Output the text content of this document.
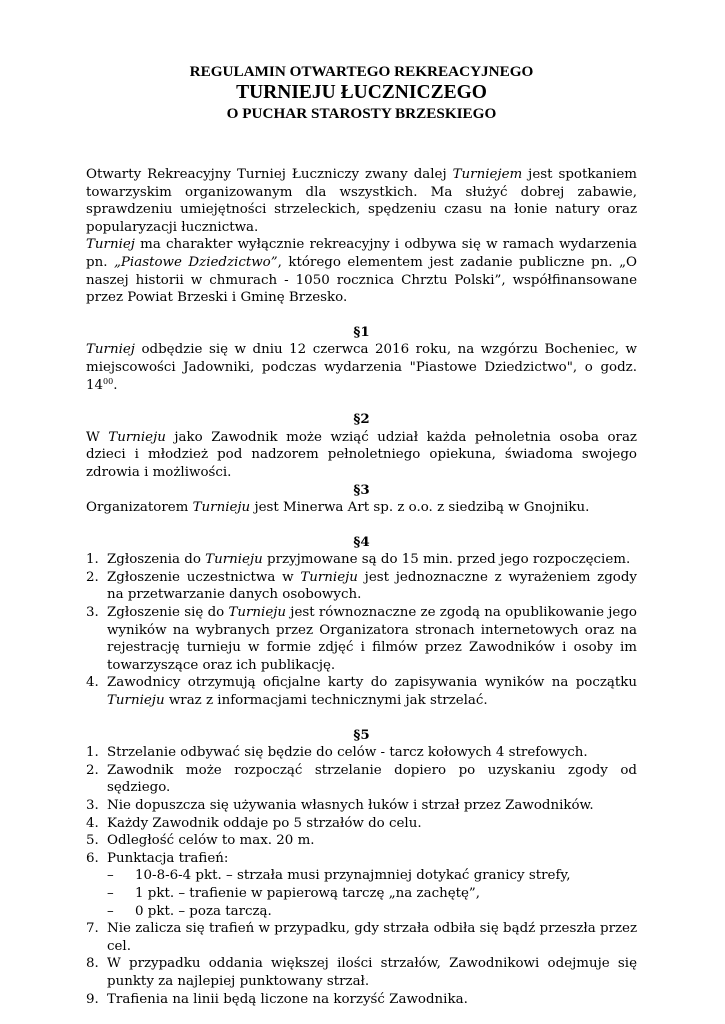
REGULAMIN OTWARTEGO REKREACYJNEGO
TURNIEJU ŁUCZNICZEGO
O PUCHAR STAROSTY BRZESKIEGO

Otwarty Rekreacyjny Turniej Łuczniczy zwany dalej Turniejem jest spotkaniem towarzyskim organizowanym dla wszystkich. Ma służyć dobrej zabawie, sprawdzeniu umiejętności strzeleckich, spędzeniu czasu na łonie natury oraz popularyzacji łucznictwa.

Turniej ma charakter wyłącznie rekreacyjny i odbywa się w ramach wydarzenia pn. „Piastowe Dziedzictwo”, którego elementem jest zadanie publiczne pn. „O naszej historii w chmurach - 1050 rocznica Chrztu Polski”, współfinansowane przez Powiat Brzeski i Gminę Brzesko.

§1

Turniej odbędzie się w dniu 12 czerwca 2016 roku, na wzgórzu Bocheniec, w miejscowości Jadowniki, podczas wydarzenia "Piastowe Dziedzictwo", o godz. $14^{00}$.

§2

W Turnieju jako Zawodnik może wziąć udział każda pełnoletnia osoba oraz dzieci i młodzież pod nadzorem pełnoletniego opiekuna, świadoma swojego zdrowia i możliwości.

§3

Organizatorem Turnieju jest Minerwa Art sp. z o.o. z siedzibą w Gnojniku.

§4
1. Zgłoszenia do Turnieju przyjmowane są do 15 min. przed jego rozpoczęciem.
2. Zgłoszenie uczestnictwa w Turnieju jest jednoznaczne z wyrażeniem zgody na przetwarzanie danych osobowych.
3. Zgłoszenie się do Turnieju jest równoznaczne ze zgodą na opublikowanie jego wyników na wybranych przez Organizatora stronach internetowych oraz na rejestrację turnieju w formie zdjęć i filmów przez Zawodników i osoby im towarzyszące oraz ich publikację.
4. Zawodnicy otrzymują oficjalne karty do zapisywania wyników na początku Turnieju wraz z informacjami technicznymi jak strzelać.
§5
1. Strzelanie odbywać się będzie do celów - tarcz kołowych 4 strefowych.
2. Zawodnik może rozpocząć strzelanie dopiero po uzyskaniu zgody od sędziego.
3. Nie dopuszcza się używania własnych łuków i strzał przez Zawodników.
4. Każdy Zawodnik oddaje po 5 strzałów do celu.
5. Odległość celów to max. 20 m.
6. Punktacja trafień:
– 10-8-6-4 pkt. – strzała musi przynajmniej dotykać granicy strefy,
– 1 pkt. – trafienie w papierową tarczę „na zachętę”,
– 0 pkt. – poza tarczą.
7. Nie zalicza się trafień w przypadku, gdy strzała odbiła się bądź przeszła przez cel.
8. W przypadku oddania większej ilości strzałów, Zawodnikowi odejmuje się punkty za najlepiej punktowany strzał.
9. Trafienia na linii będą liczone na korzyść Zawodnika.
